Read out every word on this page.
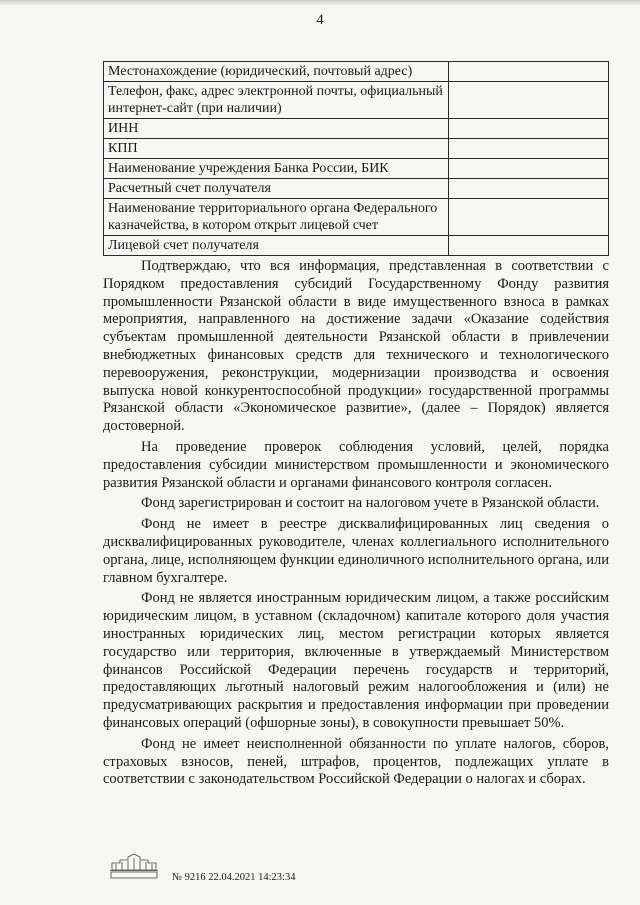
4
Местонахождение (юридический, почтовый адрес)	
Телефон, факс, адрес электронной почты, официальный интернет-сайт (при наличии)	
ИНН	
КПП	
Наименование учреждения Банка России, БИК	
Расчетный счет получателя	
Наименование территориального органа Федерального казначейства, в котором открыт лицевой счет	
Лицевой счет получателя	

Подтверждаю, что вся информация, представленная в соответствии с Порядком предоставления субсидий Государственному Фонду развития промышленности Рязанской области в виде имущественного взноса в рамках мероприятия, направленного на достижение задачи «Оказание содействия субъектам промышленной деятельности Рязанской области в привлечении внебюджетных финансовых средств для технического и технологического перевооружения, реконструкции, модернизации производства и освоения выпуска новой конкурентоспособной продукции» государственной программы Рязанской области «Экономическое развитие», (далее – Порядок) является достоверной.

На проведение проверок соблюдения условий, целей, порядка предоставления субсидии министерством промышленности и экономического развития Рязанской области и органами финансового контроля согласен.

Фонд зарегистрирован и состоит на налоговом учете в Рязанской области.

Фонд не имеет в реестре дисквалифицированных лиц сведения о дисквалифицированных руководителе, членах коллегиального исполнительного органа, лице, исполняющем функции единоличного исполнительного органа, или главном бухгалтере.

Фонд не является иностранным юридическим лицом, а также российским юридическим лицом, в уставном (складочном) капитале которого доля участия иностранных юридических лиц, местом регистрации которых является государство или территория, включенные в утверждаемый Министерством финансов Российской Федерации перечень государств и территорий, предоставляющих льготный налоговый режим налогообложения и (или) не предусматривающих раскрытия и предоставления информации при проведении финансовых операций (офшорные зоны), в совокупности превышает 50%.

Фонд не имеет неисполненной обязанности по уплате налогов, сборов, страховых взносов, пеней, штрафов, процентов, подлежащих уплате в соответствии с законодательством Российской Федерации о налогах и сборах.

№ 9216 22.04.2021 14:23:34
